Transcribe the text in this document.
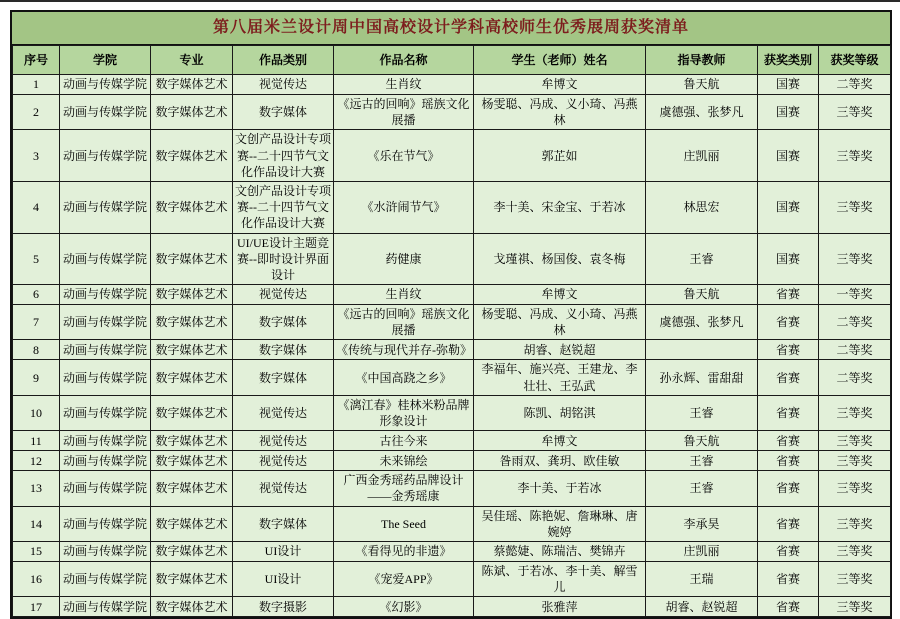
第八届米兰设计周中国高校设计学科高校师生优秀展周获奖清单
序号	学院	专业	作品类别	作品名称	学生（老师）姓名	指导教师	获奖类别	获奖等级
1	动画与传媒学院	数字媒体艺术	视觉传达	生肖纹	牟博文	鲁天航	国赛	二等奖
2	动画与传媒学院	数字媒体艺术	数字媒体	《远古的回响》瑶族文化展播	杨雯聪、冯成、义小琦、冯燕林	虞德强、张梦凡	国赛	三等奖
3	动画与传媒学院	数字媒体艺术	文创产品设计专项赛--二十四节气文化作品设计大赛	《乐在节气》	郭芷如	庄凯丽	国赛	三等奖
4	动画与传媒学院	数字媒体艺术	文创产品设计专项赛--二十四节气文化作品设计大赛	《水浒闹节气》	李十美、宋金宝、于若冰	林思宏	国赛	三等奖
5	动画与传媒学院	数字媒体艺术	UI/UE设计主题竞赛--即时设计界面设计	药健康	戈瑾祺、杨国俊、袁冬梅	王睿	国赛	三等奖
6	动画与传媒学院	数字媒体艺术	视觉传达	生肖纹	牟博文	鲁天航	省赛	一等奖
7	动画与传媒学院	数字媒体艺术	数字媒体	《远古的回响》瑶族文化展播	杨雯聪、冯成、义小琦、冯燕林	虞德强、张梦凡	省赛	二等奖
8	动画与传媒学院	数字媒体艺术	数字媒体	《传统与现代并存-弥勒》	胡睿、赵锐超		省赛	二等奖
9	动画与传媒学院	数字媒体艺术	数字媒体	《中国高跷之乡》	李福年、施兴亮、王建龙、李壮壮、王弘武	孙永辉、雷甜甜	省赛	二等奖
10	动画与传媒学院	数字媒体艺术	视觉传达	《漓江春》桂林米粉品牌形象设计	陈凯、胡铭淇	王睿	省赛	三等奖
11	动画与传媒学院	数字媒体艺术	视觉传达	古往今来	牟博文	鲁天航	省赛	三等奖
12	动画与传媒学院	数字媒体艺术	视觉传达	未来锦绘	昝雨双、龚玥、欧佳敏	王睿	省赛	三等奖
13	动画与传媒学院	数字媒体艺术	视觉传达	广西金秀瑶药品牌设计——金秀瑶康	李十美、于若冰	王睿	省赛	三等奖
14	动画与传媒学院	数字媒体艺术	数字媒体	The Seed	吴佳瑶、陈艳妮、詹琳琳、唐婉婷	李承昊	省赛	三等奖
15	动画与传媒学院	数字媒体艺术	UI设计	《看得见的非遗》	蔡懿婕、陈瑞洁、樊锦卉	庄凯丽	省赛	三等奖
16	动画与传媒学院	数字媒体艺术	UI设计	《宠爱APP》	陈斌、于若冰、李十美、解雪儿	王瑞	省赛	三等奖
17	动画与传媒学院	数字媒体艺术	数字摄影	《幻影》	张雅萍	胡睿、赵锐超	省赛	三等奖
